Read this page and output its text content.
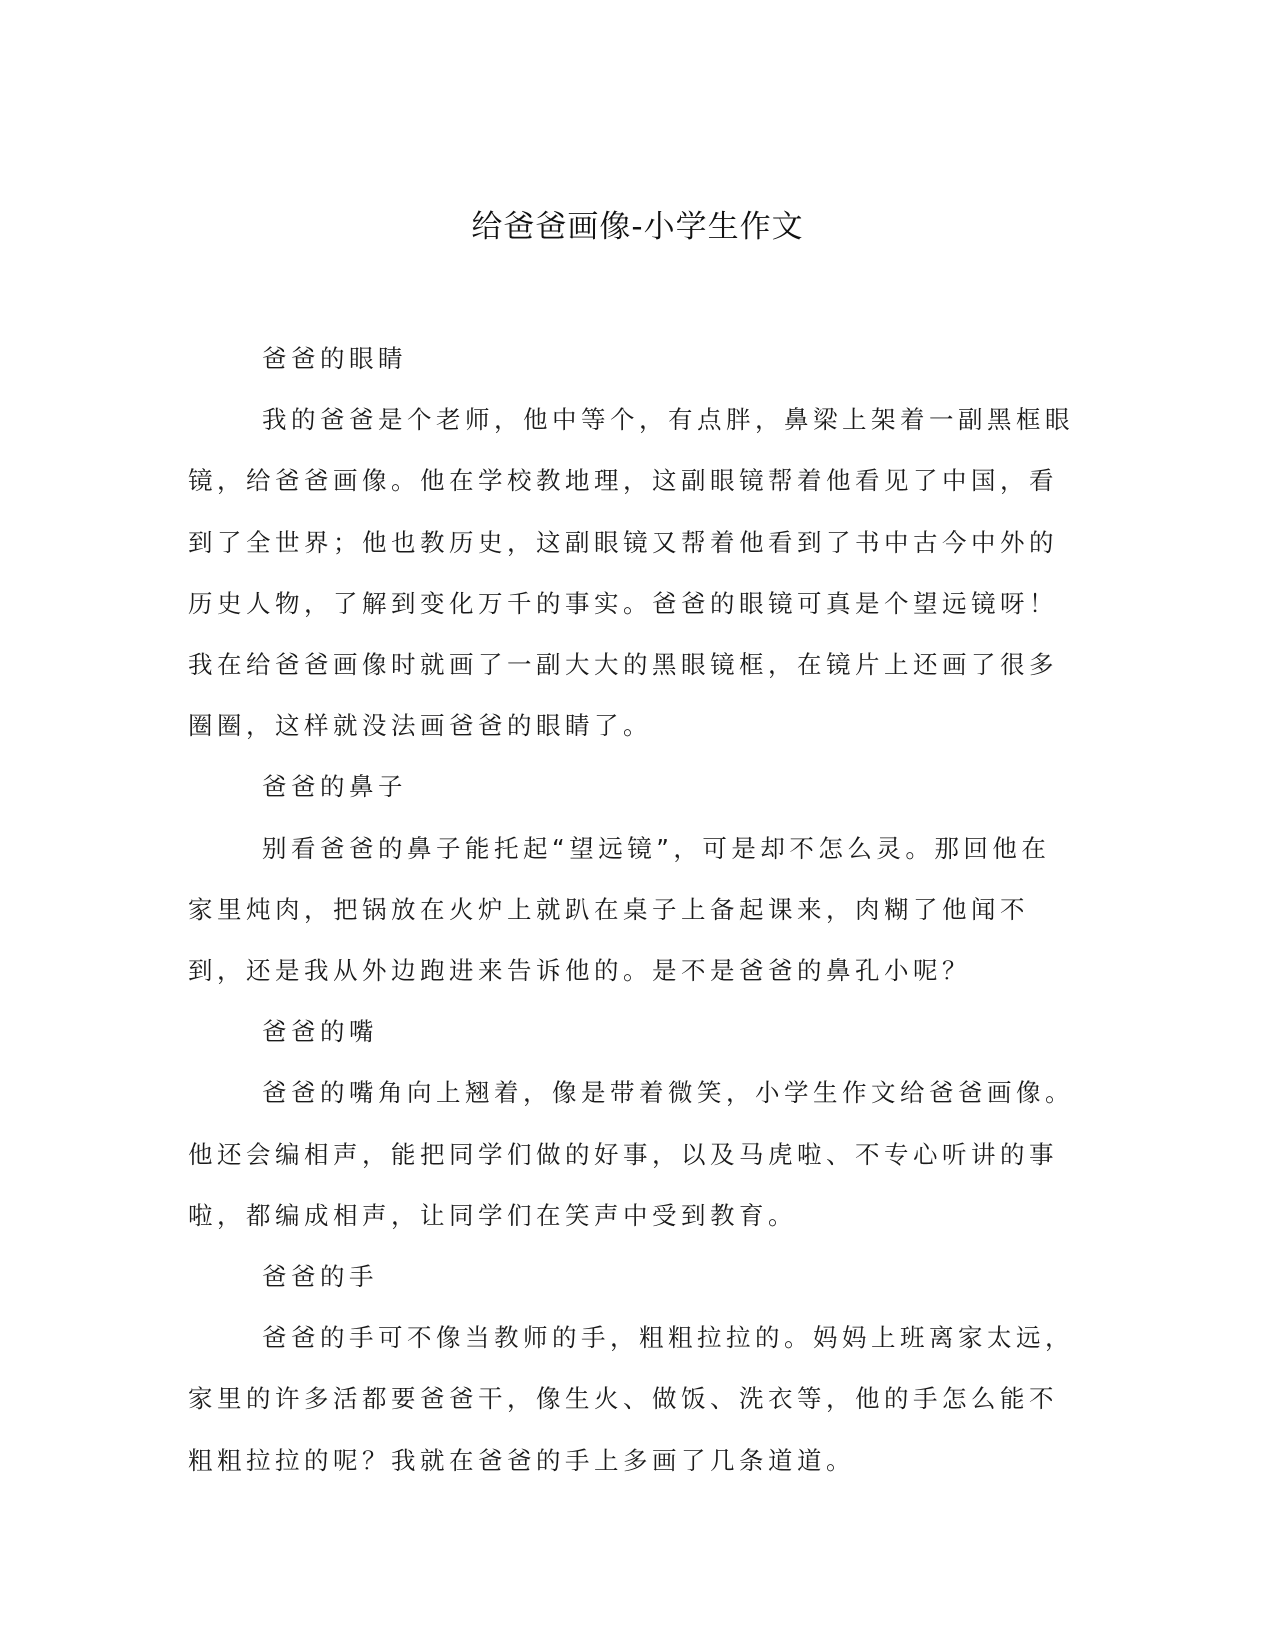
给爸爸画像-小学生作文

爸爸的眼睛

我的爸爸是个老师，他中等个，有点胖，鼻梁上架着一副黑框眼镜，给爸爸画像。他在学校教地理，这副眼镜帮着他看见了中国，看到了全世界；他也教历史，这副眼镜又帮着他看到了书中古今中外的历史人物，了解到变化万千的事实。爸爸的眼镜可真是个望远镜呀！我在给爸爸画像时就画了一副大大的黑眼镜框，在镜片上还画了很多圈圈，这样就没法画爸爸的眼睛了。

爸爸的鼻子

别看爸爸的鼻子能托起“望远镜”，可是却不怎么灵。那回他在家里炖肉，把锅放在火炉上就趴在桌子上备起课来，肉糊了他闻不到，还是我从外边跑进来告诉他的。是不是爸爸的鼻孔小呢？

爸爸的嘴

爸爸的嘴角向上翘着，像是带着微笑，小学生作文给爸爸画像。他还会编相声，能把同学们做的好事，以及马虎啦、不专心听讲的事啦，都编成相声，让同学们在笑声中受到教育。

爸爸的手

爸爸的手可不像当教师的手，粗粗拉拉的。妈妈上班离家太远，家里的许多活都要爸爸干，像生火、做饭、洗衣等，他的手怎么能不粗粗拉拉的呢？我就在爸爸的手上多画了几条道道。
